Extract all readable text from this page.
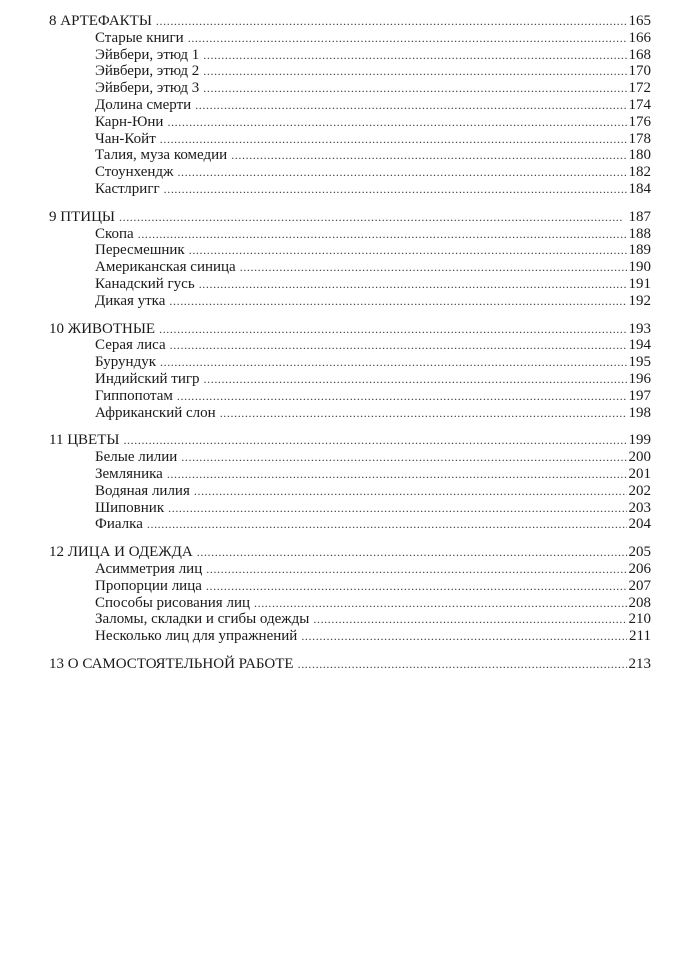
8 АРТЕФАКТЫ . . .	165
Старые книги . . .	166
Эйвбери, этюд 1 . . .	168
Эйвбери, этюд 2 . . .	170
Эйвбери, этюд 3 . . .	172
Долина смерти . . .	174
Карн-Юни . . .	176
Чан-Койт . . .	178
Талия, муза комедии . . .	180
Стоунхендж . . .	182
Кастлригг . . .	184
9 ПТИЦЫ . . .	187
Скопа . . .	188
Пересмешник . . .	189
Американская синица . . .	190
Канадский гусь . . .	191
Дикая утка . . .	192
10 ЖИВОТНЫЕ . . .	193
Серая лиса . . .	194
Бурундук . . .	195
Индийский тигр . . .	196
Гиппопотам . . .	197
Африканский слон . . .	198
11 ЦВЕТЫ . . .	199
Белые лилии . . .	200
Земляника . . .	201
Водяная лилия . . .	202
Шиповник . . .	203
Фиалка . . .	204
12 ЛИЦА И ОДЕЖДА . . .	205
Асимметрия лиц . . .	206
Пропорции лица . . .	207
Способы рисования лиц . . .	208
Заломы, складки и сгибы одежды . . .	210
Несколько лиц для упражнений . . .	211
13 О САМОСТОЯТЕЛЬНОЙ РАБОТЕ . . .	213
